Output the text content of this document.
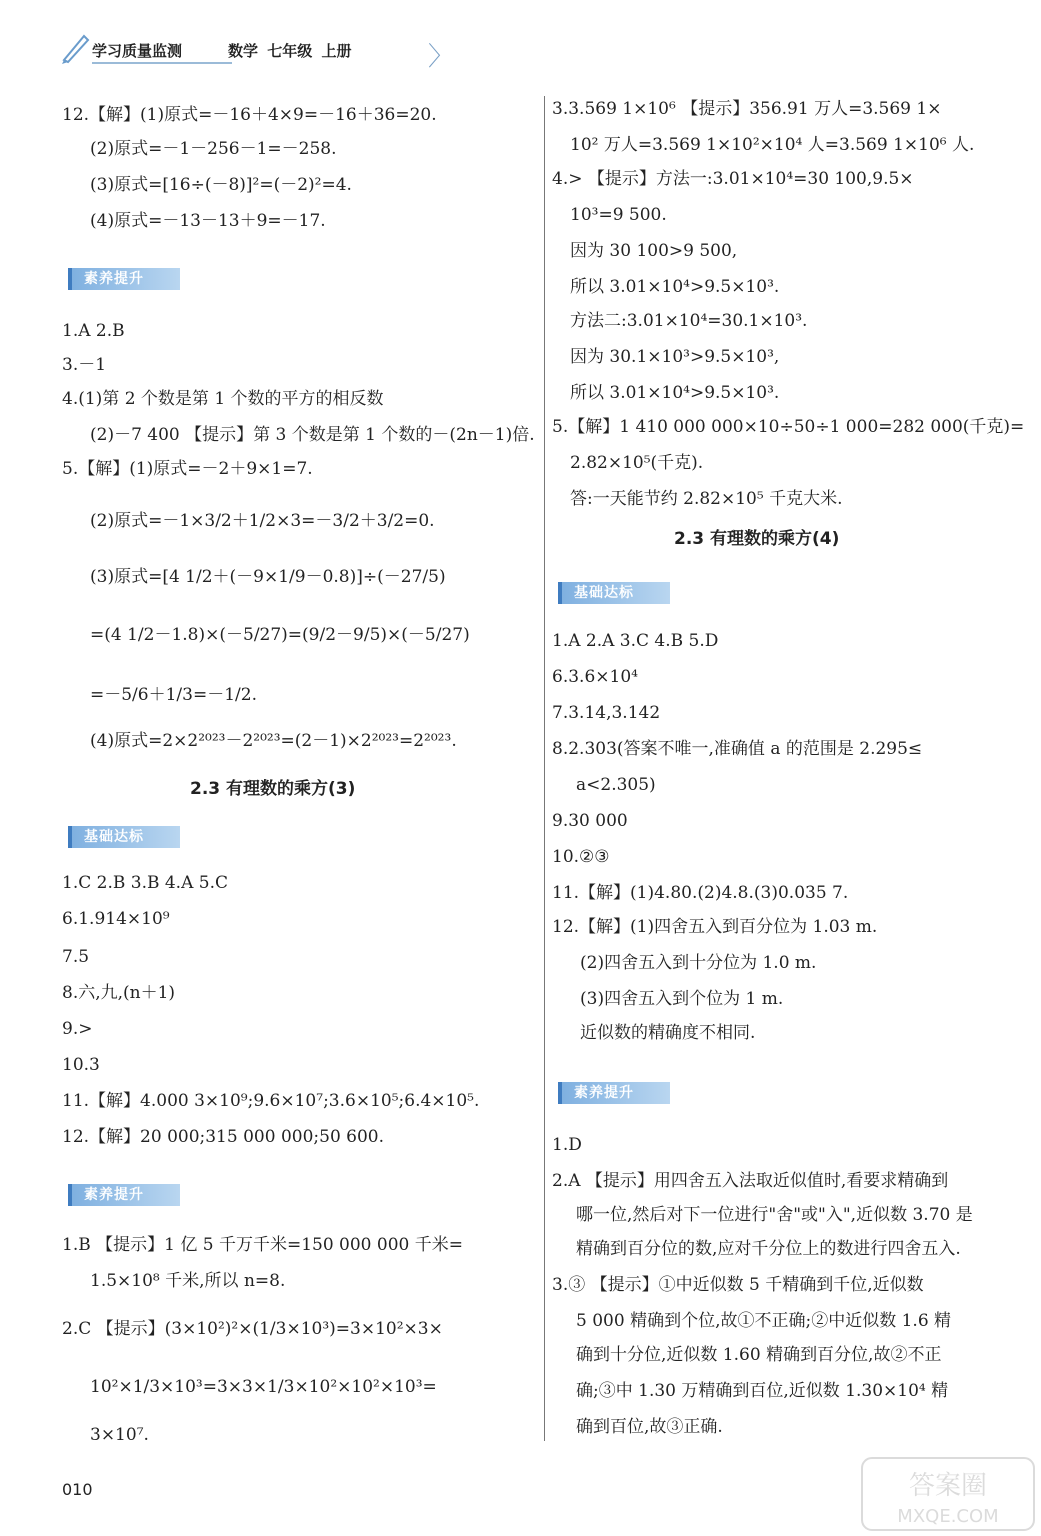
学习质量监测	数学 七年级 上册	〉
12.【解】(1)原式=－16＋4×9=－16＋36=20.
(2)原式=－1－256－1=－258.
(3)原式=[16÷(－8)]²=(－2)²=4.
(4)原式=－13－13＋9=－17.
素养提升
1.A 2.B
3.－1
4.(1)第 2 个数是第 1 个数的平方的相反数
(2)－7 400 【提示】第 3 个数是第 1 个数的－(2n－1)倍.
5.【解】(1)原式=－2＋9×1=7.
(2)原式=－1×3/2＋1/2×3=－3/2＋3/2=0.
(3)原式=[4 1/2＋(－9×1/9－0.8)]÷(－27/5)
=(4 1/2－1.8)×(－5/27)=(9/2－9/5)×(－5/27)
=－5/6＋1/3=－1/2.
(4)原式=2×2²⁰²³－2²⁰²³=(2－1)×2²⁰²³=2²⁰²³.
2.3 有理数的乘方(3)
基础达标
1.C 2.B 3.B 4.A 5.C
6.1.914×10⁹
7.5
8.六,九,(n＋1)
9.>
10.3
11.【解】4.000 3×10⁹;9.6×10⁷;3.6×10⁵;6.4×10⁵.
12.【解】20 000;315 000 000;50 600.
素养提升
1.B 【提示】1 亿 5 千万千米=150 000 000 千米=
1.5×10⁸ 千米,所以 n=8.
2.C 【提示】(3×10²)²×(1/3×10³)=3×10²×3×
10²×1/3×10³=3×3×1/3×10²×10²×10³=
3×10⁷.
3.3.569 1×10⁶ 【提示】356.91 万人=3.569 1×
10² 万人=3.569 1×10²×10⁴ 人=3.569 1×10⁶ 人.
4.> 【提示】方法一:3.01×10⁴=30 100,9.5×
10³=9 500.
因为 30 100>9 500,
所以 3.01×10⁴>9.5×10³.
方法二:3.01×10⁴=30.1×10³.
因为 30.1×10³>9.5×10³,
所以 3.01×10⁴>9.5×10³.
5.【解】1 410 000 000×10÷50÷1 000=282 000(千克)=
2.82×10⁵(千克).
答:一天能节约 2.82×10⁵ 千克大米.
2.3 有理数的乘方(4)
基础达标
1.A 2.A 3.C 4.B 5.D
6.3.6×10⁴
7.3.14,3.142
8.2.303(答案不唯一,准确值 a 的范围是 2.295≤
a<2.305)
9.30 000
10.②③
11.【解】(1)4.80.(2)4.8.(3)0.035 7.
12.【解】(1)四舍五入到百分位为 1.03 m.
(2)四舍五入到十分位为 1.0 m.
(3)四舍五入到个位为 1 m.
近似数的精确度不相同.
素养提升
1.D
2.A 【提示】用四舍五入法取近似值时,看要求精确到
哪一位,然后对下一位进行"舍"或"入",近似数 3.70 是
精确到百分位的数,应对千分位上的数进行四舍五入.
3.③ 【提示】①中近似数 5 千精确到千位,近似数
5 000 精确到个位,故①不正确;②中近似数 1.6 精
确到十分位,近似数 1.60 精确到百分位,故②不正
确;③中 1.30 万精确到百位,近似数 1.30×10⁴ 精
确到百位,故③正确.
010	答案圈
MXQE.COM
